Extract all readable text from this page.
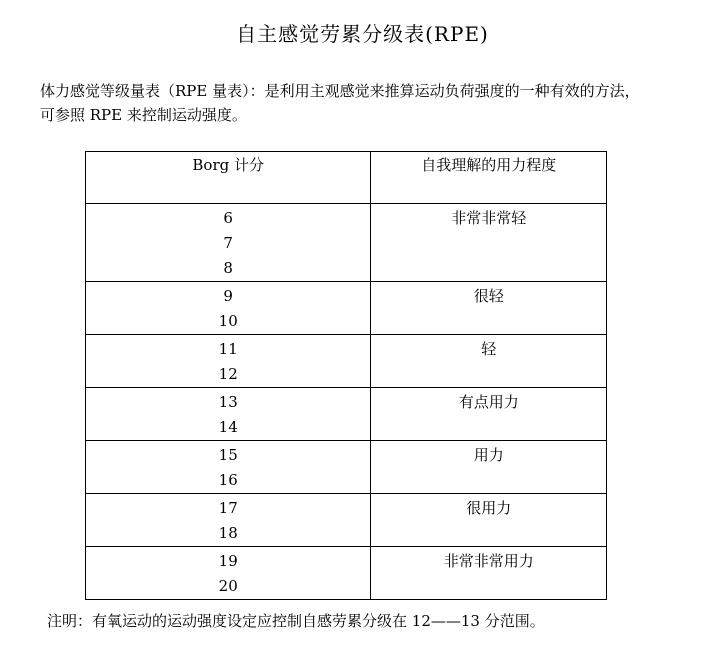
自主感觉劳累分级表(RPE)
体力感觉等级量表（RPE 量表）：是利用主观感觉来推算运动负荷强度的一种有效的方法，
可参照 RPE 来控制运动强度。
Borg 计分	自我理解的用力程度

6
7
8	非常非常轻

9
10	很轻

11
12	轻

13
14	有点用力

15
16	用力

17
18	很用力

19
20	非常非常用力
注明：有氧运动的运动强度设定应控制自感劳累分级在 12——13 分范围。
